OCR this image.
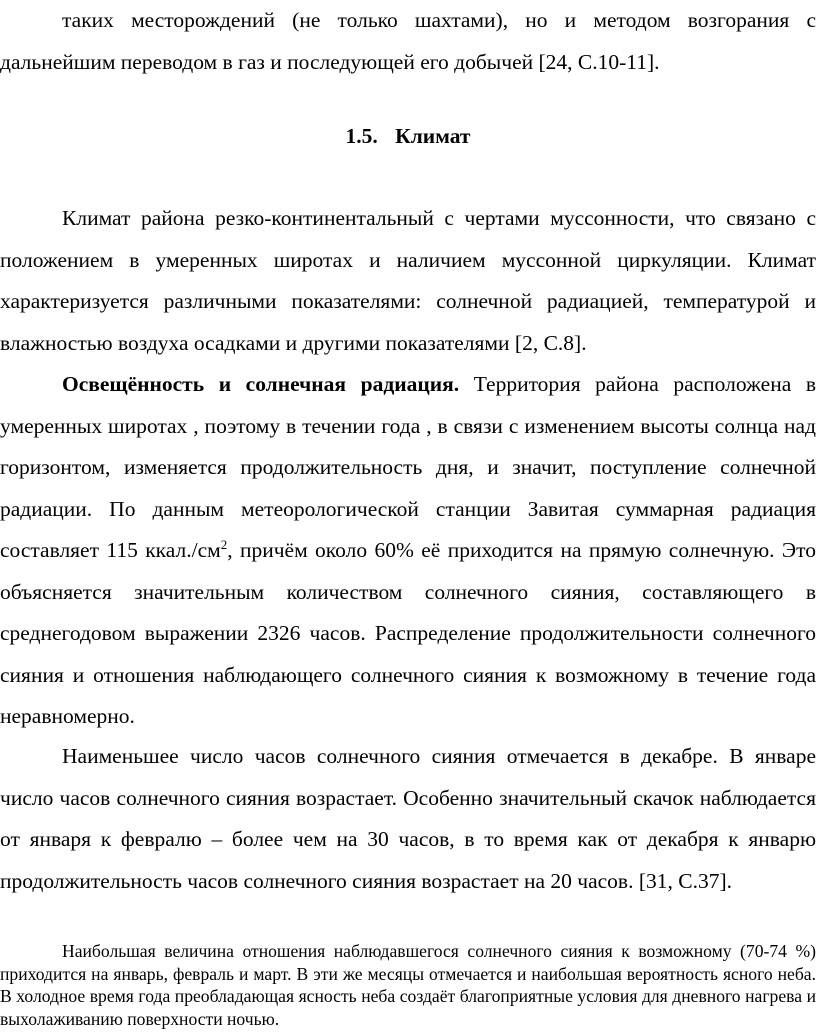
таких месторождений (не только шахтами), но и методом возгорания с
дальнейшим переводом в газ и последующей его добычей [24, С.10-11].
1.5. Климат

Климат района резко-континентальный с чертами муссонности, что связано с положением в умеренных широтах и наличием муссонной циркуляции. Климат характеризуется различными показателями: солнечной радиацией, температурой и влажностью воздуха осадками и другими показателями [2, С.8].

Освещённость и солнечная радиация. Территория района расположена в умеренных широтах , поэтому в течении года , в связи с изменением высоты солнца над горизонтом, изменяется продолжительность дня, и значит, поступление солнечной радиации. По данным метеорологической станции Завитая суммарная радиация составляет 115 $ккал./см^2$, причём около 60% её приходится на прямую солнечную. Это объясняется значительным количеством солнечного сияния, составляющего в среднегодовом выражении 2326 часов. Распределение продолжительности солнечного сияния и отношения наблюдающего солнечного сияния к возможному в течение года неравномерно.

Наименьшее число часов солнечного сияния отмечается в декабре. В январе число часов солнечного сияния возрастает. Особенно значительный скачок наблюдается от января к февралю – более чем на 30 часов, в то время как от декабря к январю продолжительность часов солнечного сияния возрастает на 20 часов. [31, С.37].

Наибольшая величина отношения наблюдавшегося солнечного сияния к возможному (70-74 %) приходится на январь, февраль и март. В эти же месяцы отмечается и наибольшая вероятность ясного неба. В холодное время года преобладающая ясность неба создаёт благоприятные условия для дневного нагрева и выхолаживанию поверхности ночью.
